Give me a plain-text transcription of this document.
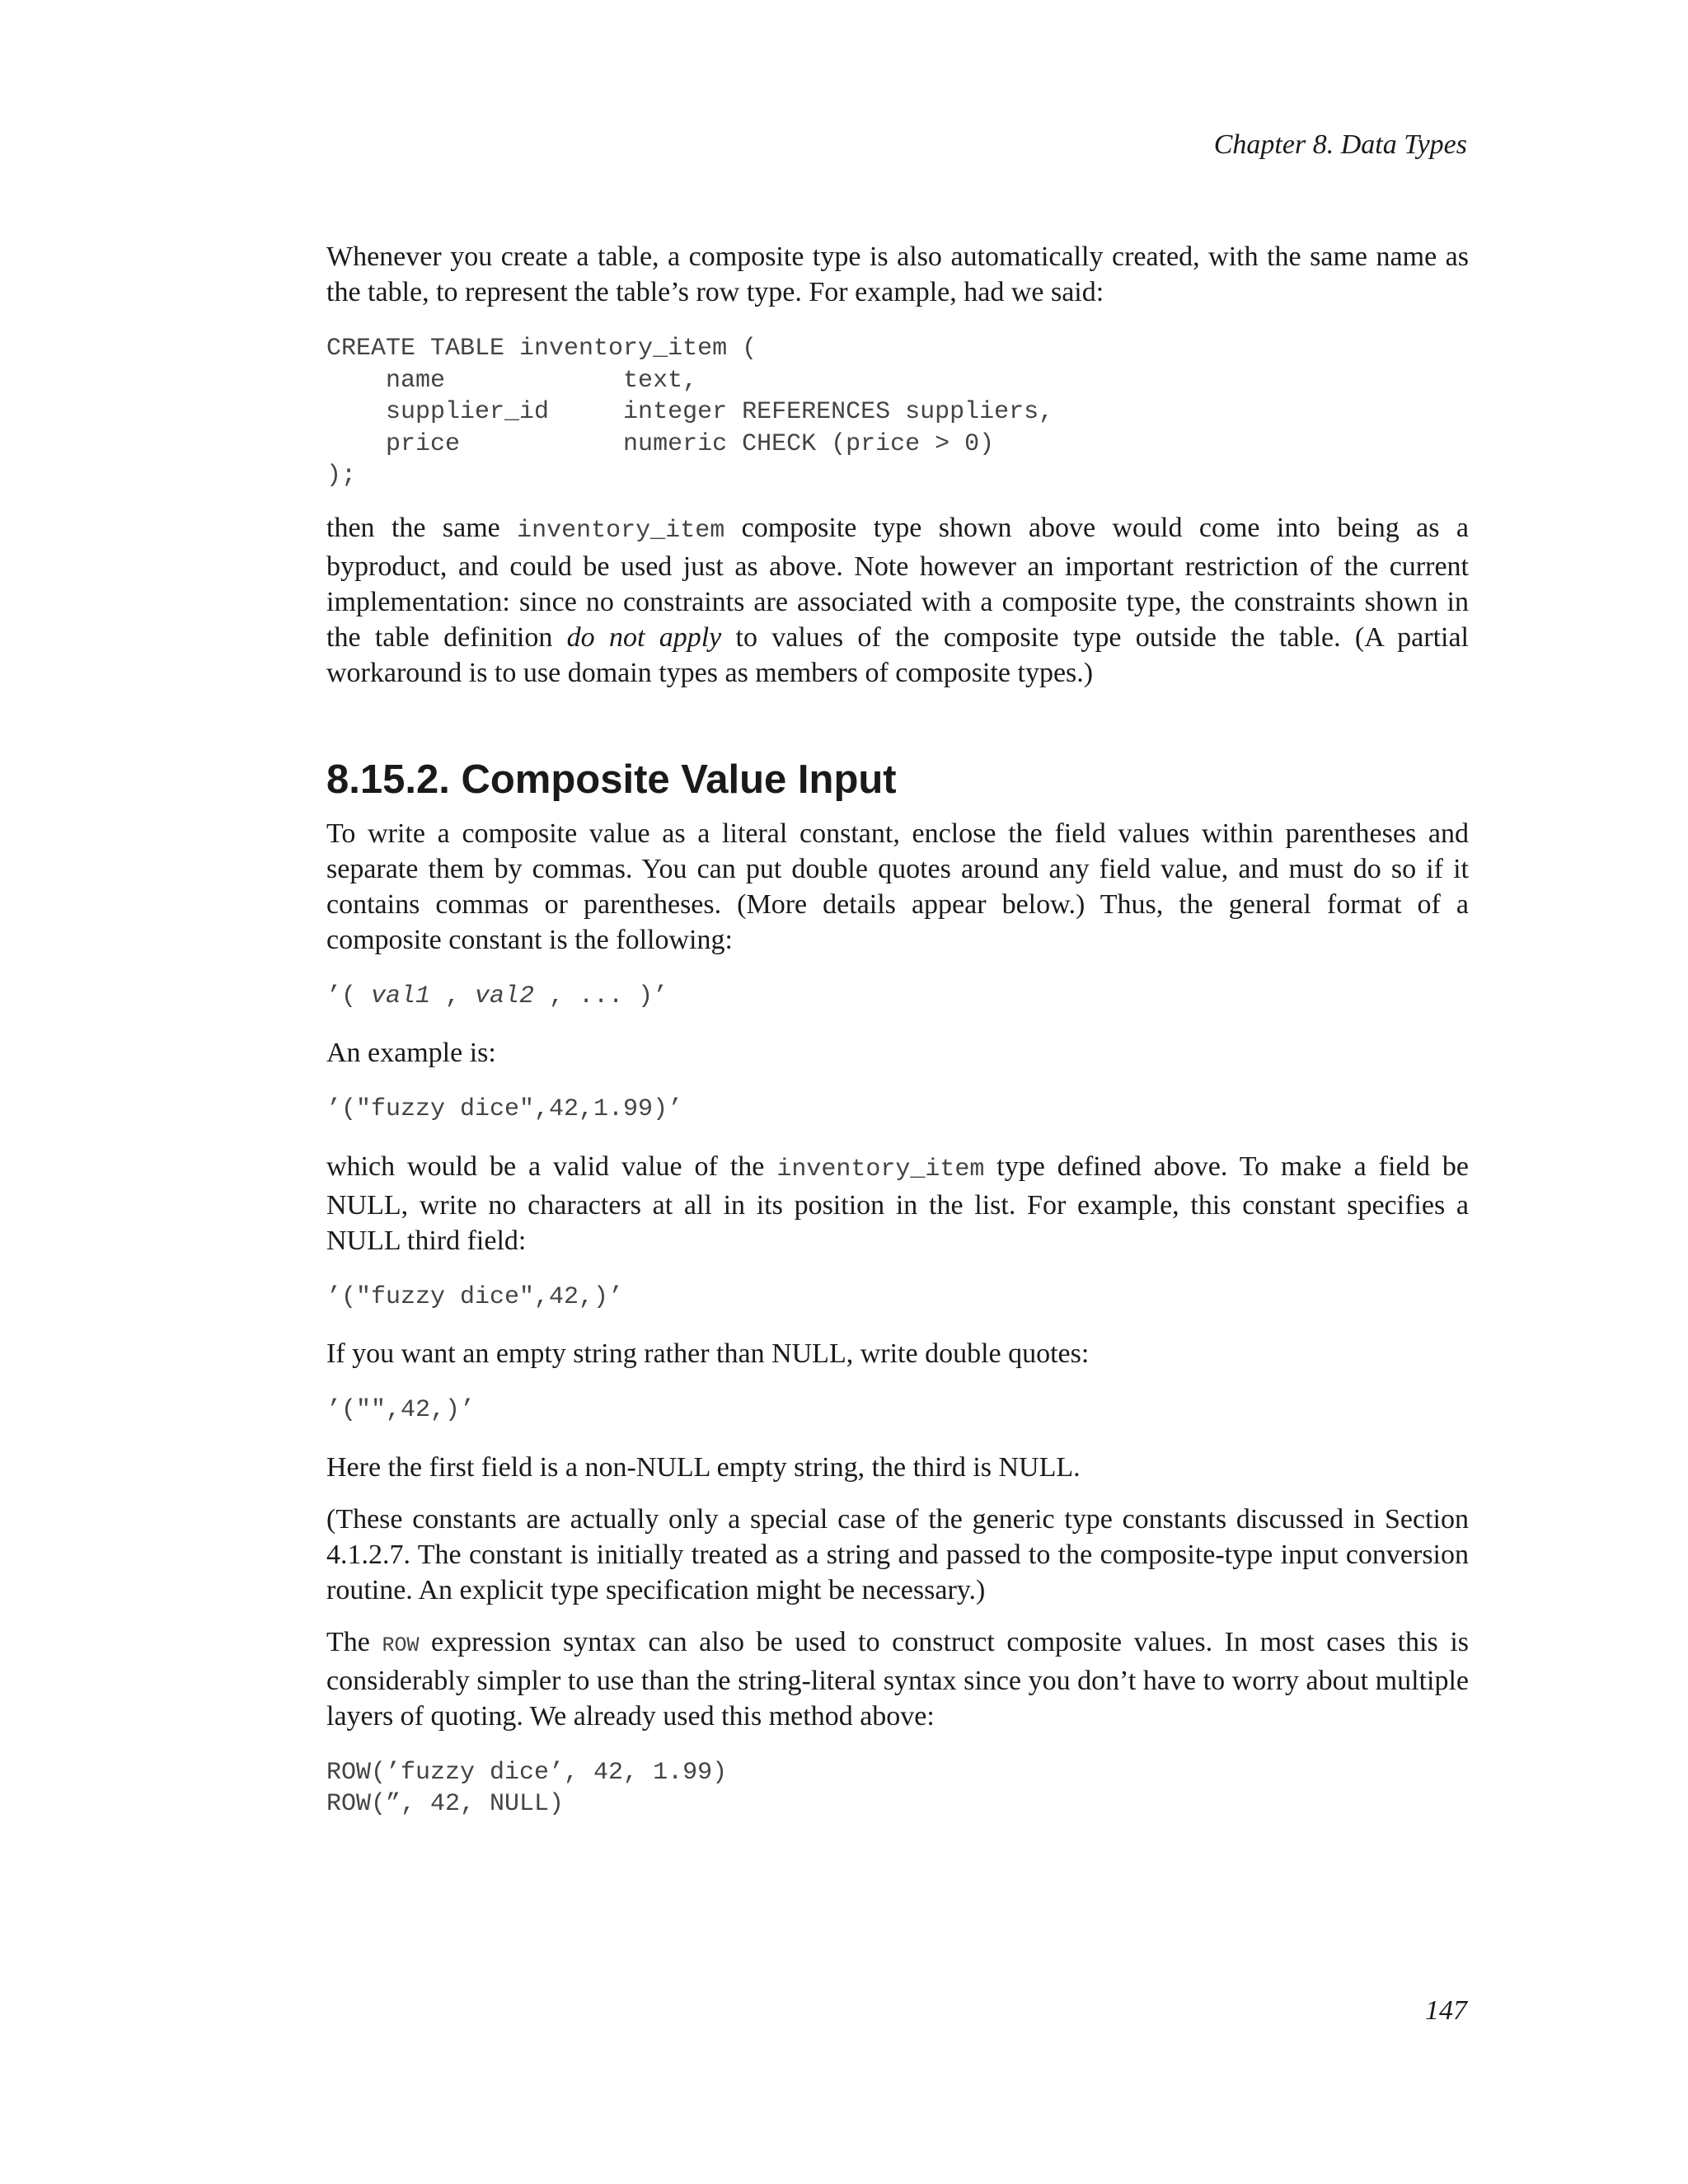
Chapter 8. Data Types

Whenever you create a table, a composite type is also automatically created, with the same name as the table, to represent the table’s row type. For example, had we said:

CREATE TABLE inventory_item (
name            text,
supplier_id     integer REFERENCES suppliers,
price           numeric CHECK (price > 0)
);

then the same inventory_item composite type shown above would come into being as a byproduct, and could be used just as above. Note however an important restriction of the current implementation: since no constraints are associated with a composite type, the constraints shown in the table definition do not apply to values of the composite type outside the table. (A partial workaround is to use domain types as members of composite types.)

8.15.2. Composite Value Input

To write a composite value as a literal constant, enclose the field values within parentheses and separate them by commas. You can put double quotes around any field value, and must do so if it contains commas or parentheses. (More details appear below.) Thus, the general format of a composite constant is the following:

’( val1 , val2 , ... )’

An example is:

’("fuzzy dice",42,1.99)’

which would be a valid value of the inventory_item type defined above. To make a field be NULL, write no characters at all in its position in the list. For example, this constant specifies a NULL third field:

’("fuzzy dice",42,)’

If you want an empty string rather than NULL, write double quotes:

’("",42,)’

Here the first field is a non-NULL empty string, the third is NULL.

(These constants are actually only a special case of the generic type constants discussed in Section 4.1.2.7. The constant is initially treated as a string and passed to the composite-type input conversion routine. An explicit type specification might be necessary.)

The ROW expression syntax can also be used to construct composite values. In most cases this is considerably simpler to use than the string-literal syntax since you don’t have to worry about multiple layers of quoting. We already used this method above:

ROW(’fuzzy dice’, 42, 1.99)
ROW(”, 42, NULL)
147
